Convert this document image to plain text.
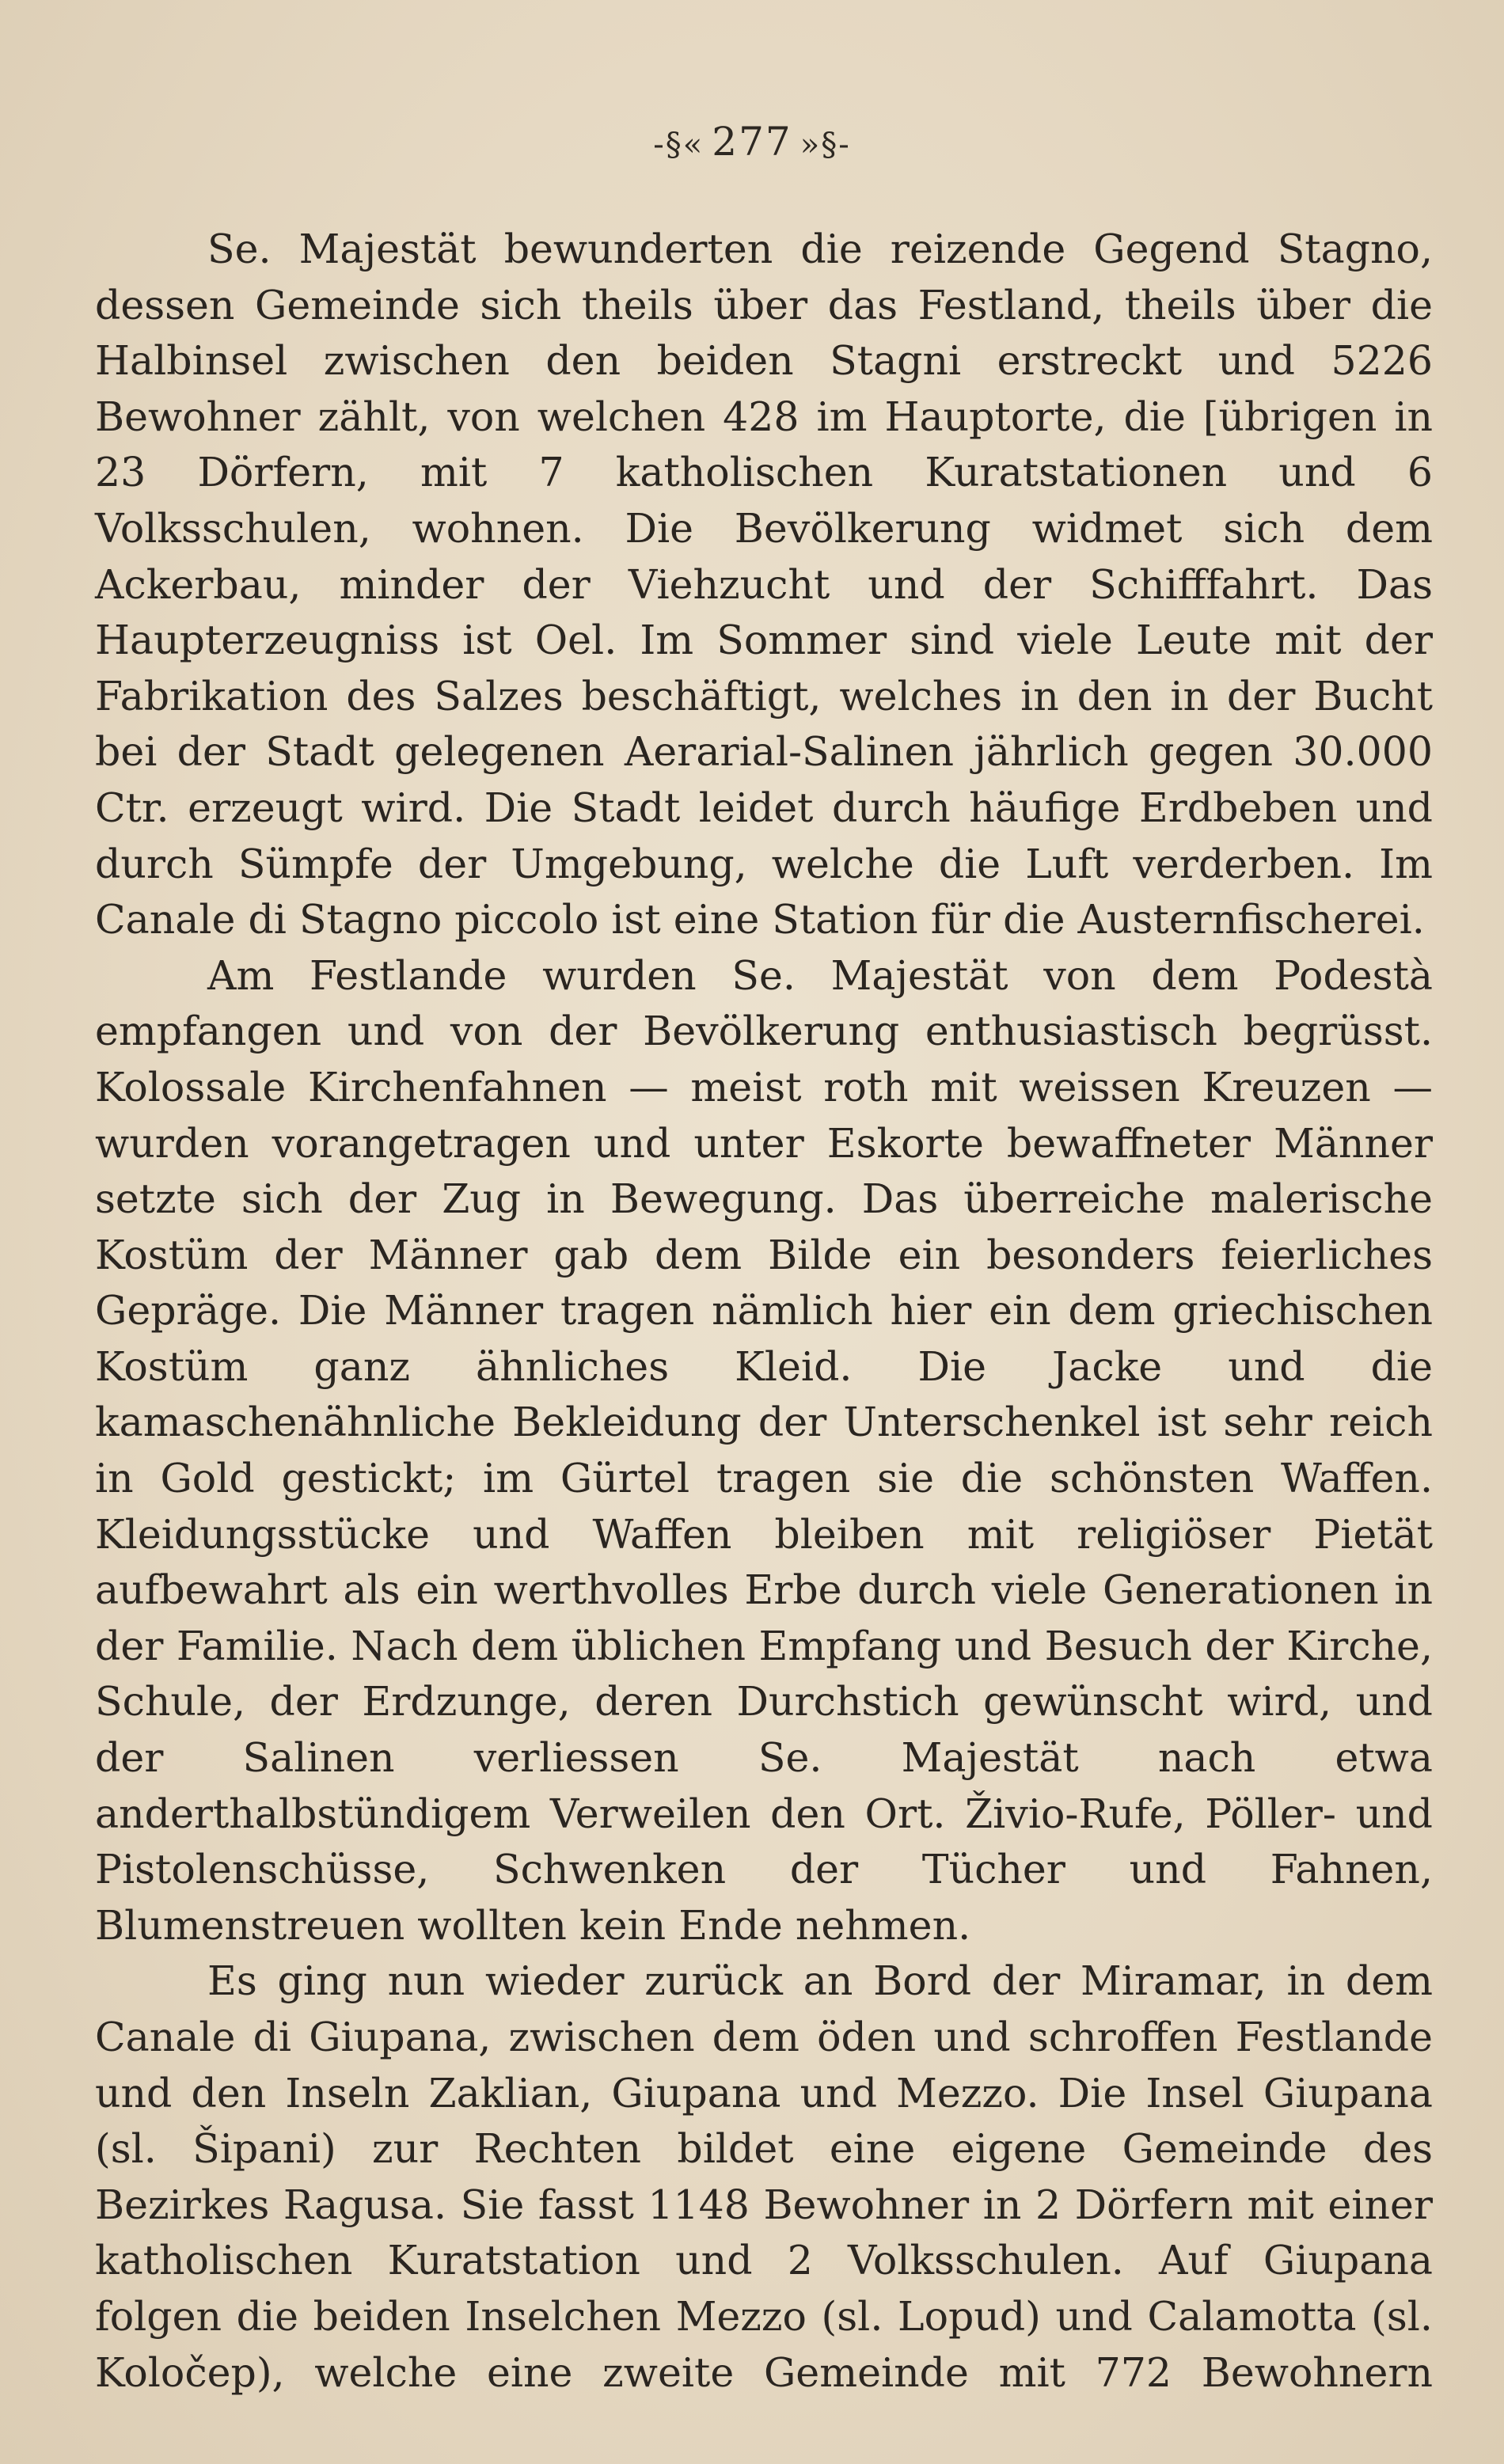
-§« 277 »§-

Se. Majestät bewunderten die reizende Gegend Stagno, dessen Gemeinde sich theils über das Festland, theils über die Halbinsel zwischen den beiden Stagni erstreckt und 5226 Bewohner zählt, von welchen 428 im Hauptorte, die [übrigen in 23 Dörfern, mit 7 katholischen Kuratstationen und 6 Volksschulen, wohnen. Die Bevölkerung widmet sich dem Ackerbau, minder der Viehzucht und der Schifffahrt. Das Haupterzeugniss ist Oel. Im Sommer sind viele Leute mit der Fabrikation des Salzes beschäftigt, welches in den in der Bucht bei der Stadt gelegenen Aerarial-Salinen jährlich gegen 30.000 Ctr. erzeugt wird. Die Stadt leidet durch häufige Erdbeben und durch Sümpfe der Umgebung, welche die Luft verderben. Im Canale di Stagno piccolo ist eine Station für die Austernfischerei.

Am Festlande wurden Se. Majestät von dem Podestà empfangen und von der Bevölkerung enthusiastisch begrüsst. Kolossale Kirchenfahnen — meist roth mit weissen Kreuzen — wurden vorangetragen und unter Eskorte bewaffneter Männer setzte sich der Zug in Bewegung. Das überreiche malerische Kostüm der Männer gab dem Bilde ein besonders feierliches Gepräge. Die Männer tragen nämlich hier ein dem griechischen Kostüm ganz ähnliches Kleid. Die Jacke und die kamaschenähnliche Bekleidung der Unterschenkel ist sehr reich in Gold gestickt; im Gürtel tragen sie die schönsten Waffen. Kleidungsstücke und Waffen bleiben mit religiöser Pietät aufbewahrt als ein werthvolles Erbe durch viele Generationen in der Familie. Nach dem üblichen Empfang und Besuch der Kirche, Schule, der Erdzunge, deren Durchstich gewünscht wird, und der Salinen verliessen Se. Majestät nach etwa anderthalbstündigem Verweilen den Ort. Živio-Rufe, Pöller- und Pistolenschüsse, Schwenken der Tücher und Fahnen, Blumenstreuen wollten kein Ende nehmen.

Es ging nun wieder zurück an Bord der Miramar, in dem Canale di Giupana, zwischen dem öden und schroffen Festlande und den Inseln Zaklian, Giupana und Mezzo. Die Insel Giupana (sl. Šipani) zur Rechten bildet eine eigene Gemeinde des Bezirkes Ragusa. Sie fasst 1148 Bewohner in 2 Dörfern mit einer katholischen Kuratstation und 2 Volksschulen. Auf Giupana folgen die beiden Inselchen Mezzo (sl. Lopud) und Calamotta (sl. Koločep), welche eine zweite Gemeinde mit 772 Bewohnern
